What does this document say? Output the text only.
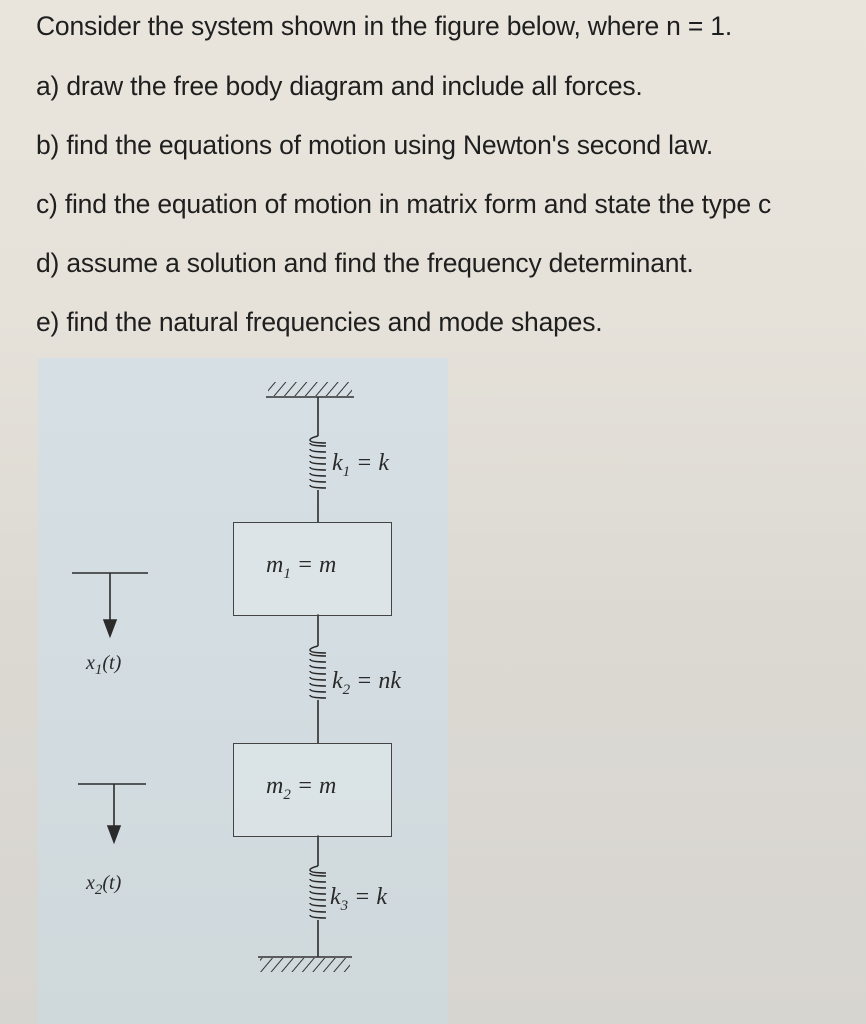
Consider the system shown in the figure below, where n = 1.
a) draw the free body diagram and include all forces.
b) find the equations of motion using Newton's second law.
c) find the equation of motion in matrix form and state the type c
d) assume a solution and find the frequency determinant.
e) find the natural frequencies and mode shapes.
$k_1 = k$
$m_1 = m$
$k_2$ = nk
$m_2 = m$
$k_3 = k$
$x_1(t)$
$x_2(t)$
